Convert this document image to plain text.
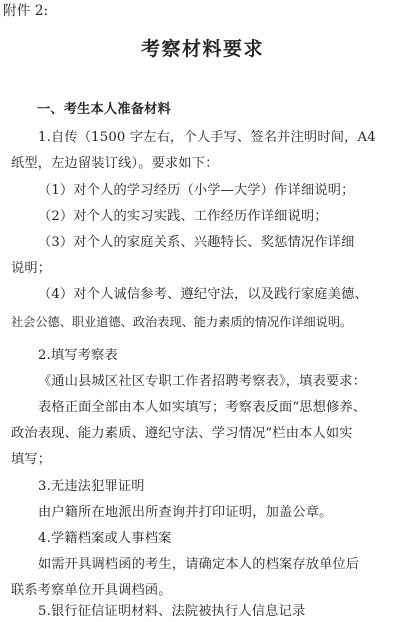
附件 2:
考察材料要求
一、考生本人准备材料
1.自传（1500 字左右，个人手写、签名并注明时间，A4
纸型，左边留装订线）。要求如下：
（1）对个人的学习经历（小学—大学）作详细说明；
（2）对个人的实习实践、工作经历作详细说明；
（3）对个人的家庭关系、兴趣特长、奖惩情况作详细
说明；
（4）对个人诚信参考、遵纪守法，以及践行家庭美德、
社会公德、职业道德、政治表现、能力素质的情况作详细说明。
2.填写考察表
《通山县城区社区专职工作者招聘考察表》，填表要求：
表格正面全部由本人如实填写；考察表反面“思想修养、
政治表现、能力素质、遵纪守法、学习情况”栏由本人如实
填写；
3.无违法犯罪证明
由户籍所在地派出所查询并打印证明，加盖公章。
4.学籍档案或人事档案
如需开具调档函的考生，请确定本人的档案存放单位后
联系考察单位开具调档函。
5.银行征信证明材料、法院被执行人信息记录
